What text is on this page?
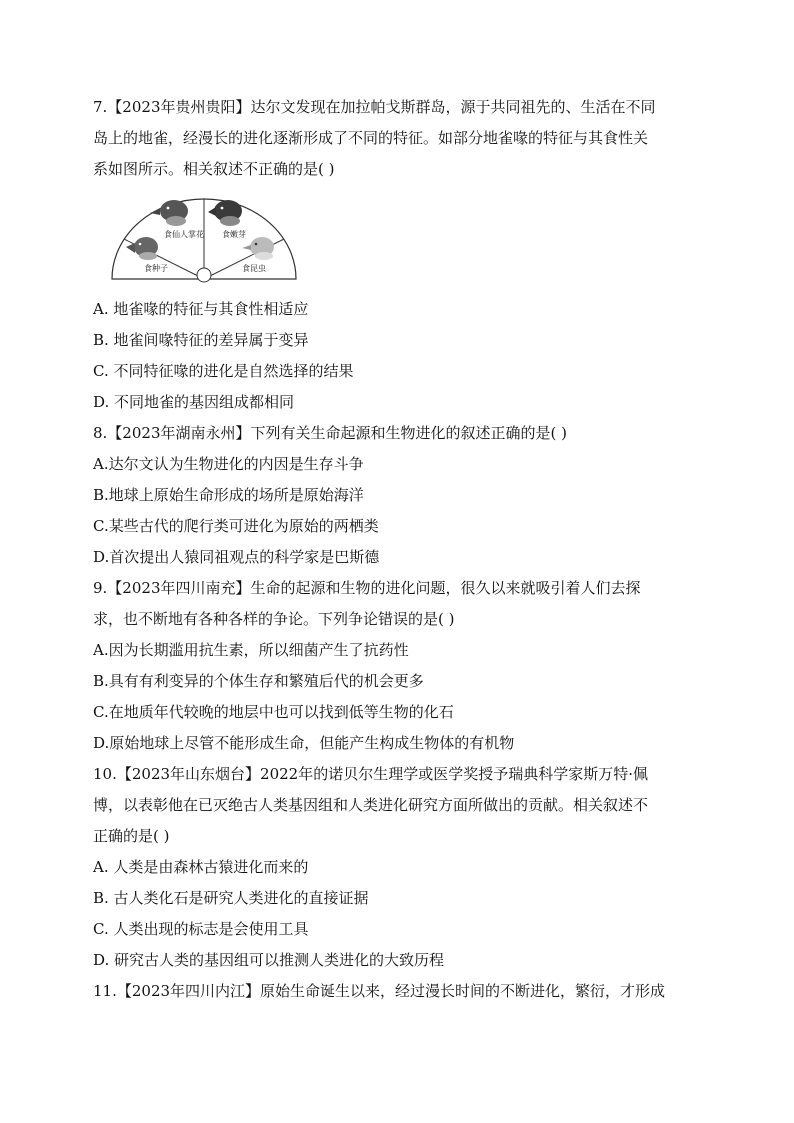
7.【2023年贵州贵阳】达尔文发现在加拉帕戈斯群岛，源于共同祖先的、生活在不同
岛上的地雀，经漫长的进化逐渐形成了不同的特征。如部分地雀喙的特征与其食性关
系如图所示。相关叙述不正确的是( )
食仙人掌花 食嫩芽
食种子	食昆虫
A. 地雀喙的特征与其食性相适应
B. 地雀间喙特征的差异属于变异
C. 不同特征喙的进化是自然选择的结果
D. 不同地雀的基因组成都相同
8.【2023年湖南永州】下列有关生命起源和生物进化的叙述正确的是( )
A.达尔文认为生物进化的内因是生存斗争
B.地球上原始生命形成的场所是原始海洋
C.某些古代的爬行类可进化为原始的两栖类
D.首次提出人猿同祖观点的科学家是巴斯德
9.【2023年四川南充】生命的起源和生物的进化问题，很久以来就吸引着人们去探
求，也不断地有各种各样的争论。下列争论错误的是( )
A.因为长期滥用抗生素，所以细菌产生了抗药性
B.具有有利变异的个体生存和繁殖后代的机会更多
C.在地质年代较晚的地层中也可以找到低等生物的化石
D.原始地球上尽管不能形成生命，但能产生构成生物体的有机物
10.【2023年山东烟台】2022年的诺贝尔生理学或医学奖授予瑞典科学家斯万特·佩
博，以表彰他在已灭绝古人类基因组和人类进化研究方面所做出的贡献。相关叙述不
正确的是( )
A. 人类是由森林古猿进化而来的
B. 古人类化石是研究人类进化的直接证据
C. 人类出现的标志是会使用工具
D. 研究古人类的基因组可以推测人类进化的大致历程
11.【2023年四川内江】原始生命诞生以来，经过漫长时间的不断进化，繁衍，才形成
